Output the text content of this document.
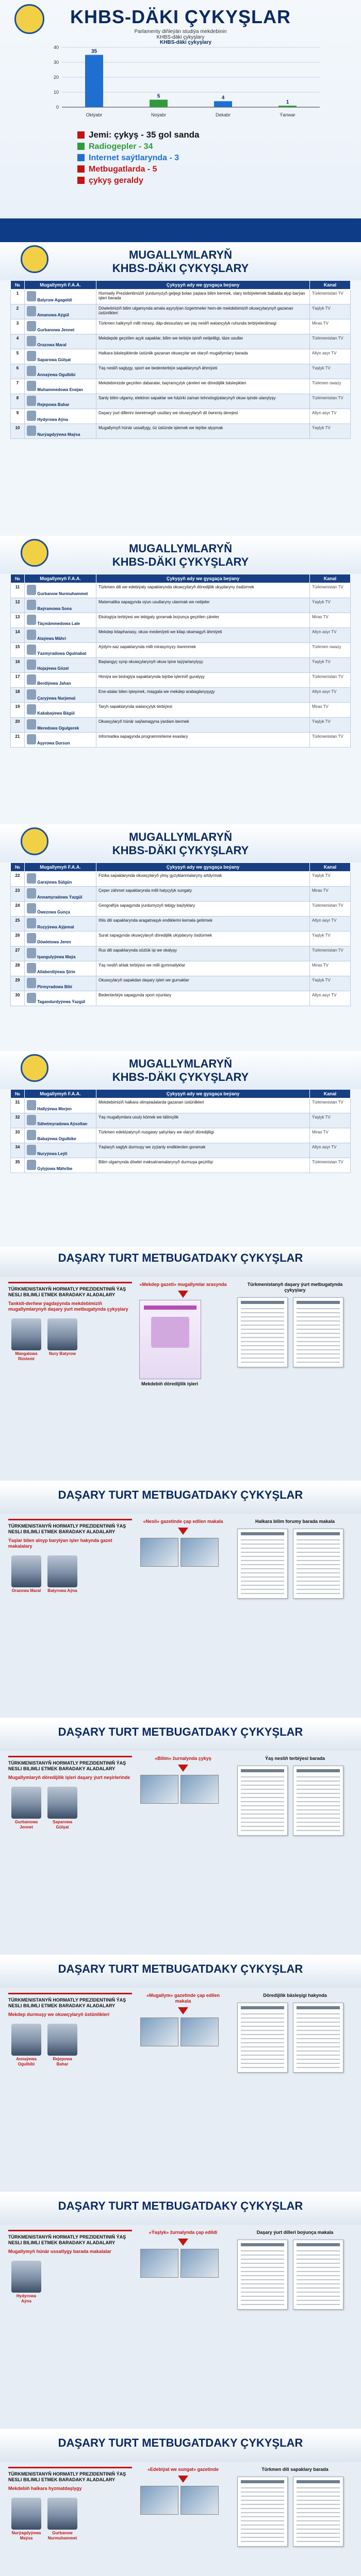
KHBS-DÄKI ÇYKYŞLAR
Parlamenty diňleýän studiýa mekdebinin
KHBS-däki çykyşlary
0
10
20
30
40
35
Oktýabr
5
Noýabr
4
Dekabr
1
Ýanwar
KHBS-däki çykyşlary
Jemi: çykyş - 35 gol sanda
Radiogepler - 34
Internet saýtlarynda - 3
Metbugatlarda - 5
çykyş geraldy
MUGALLYMLARYŇ
KHBS-DÄKI ÇYKYŞLARY
№	Mugallymyň F.A.A.	Çykyşyň ady we gysgaça beýany	Kanal
1	Batyrow Agageldi	Hormatly Prezidentimiziň ýurdumyzyň geljegi bolan ýaşlara bilim bermek, olary terbiýelemek babatda alyp barýan işleri barada	Türkmenistan TV
2	Amanowa Aýgül	Döwletimiziň bilim ulgamynda amala aşyrylýan özgertmeler hem-de mekdebimiziň okuwçylarynyň gazanan üstünlikleri	Ýaşlyk TV
3	Gurbanowa Jennet	Türkmen halkynyň milli mirasy, däp-dessurlary we ýaş nesliň watançylyk ruhunda terbiýelenilmegi	Miras TV
4	Orazowa Maral	Mekdepde geçirilen açyk sapaklar, bilim we terbiýe işiniň netijeliligi, täze usullar	Türkmenistan TV
5	Saparowa Gülşat	Halkara bäsleşiklerde üstünlik gazanan okuwçylar we olaryň mugallymlary barada	Altyn asyr TV
6	Annaýewa Ogulbibi	Ýaş nesliň saglygy, sport we bedenterbiýe sapaklarynyň ähmiýeti	Ýaşlyk TV
7	Muhammedowa Enejan	Mekdebimizde geçirilen dabaralar, baýramçylyk çäreleri we döredijilik bäsleşikleri	Türkmen owazy
8	Rejepowa Bahar	Sanly bilim ulgamy, elektron sapaklar we häzirki zaman tehnologiýalarynyň okuw işinde ulanylyşy	Türkmenistan TV
9	Hydyrowa Aýna	Daşary ýurt dillerini öwretmegiň usullary we okuwçylaryň dil öwreniş derejesi	Altyn asyr TV
10	Nurýagdyýewa Maýsa	Mugallymyň hünär ussatlygy, öz üstünde işlemek we tejribe alyşmak	Ýaşlyk TV
MUGALLYMLARYŇ
KHBS-DÄKI ÇYKYŞLARY
№	Mugallymyň F.A.A.	Çykyşyň ady we gysgaça beýany	Kanal
11	Gurbanow Nurmuhammet	Türkmen dili we edebiýaty sapaklarynda okuwçylaryň döredijilik ukyplaryny ösdürmek	Türkmenistan TV
12	Baýramowa Sona	Matematika sapagynda oýun usullaryny ulanmak we netijeler	Ýaşlyk TV
13	Täçmämmedowa Lale	Ekologiýa terbiýesi we tebigaty goramak boýunça geçirilen çäreler	Miras TV
14	Ataýewa Mähri	Mekdep kitaphanasy, okuw medeniýeti we kitap okamagyň ähmiýeti	Altyn asyr TV
15	Ýazmyradowa Ogulnabat	Aýdym-saz sapaklarynda milli mirasymyzy öwrenmek	Türkmen owazy
16	Hojaýewa Gözel	Başlangyç synp okuwçylarynyň okuw işine taýýarlanylyşy	Ýaşlyk TV
17	Berdiýewa Jahan	Himiýa we biologiýa sapaklarynda tejribe işleriniň guralyşy	Türkmenistan TV
18	Çaryýewa Nurjemal	Ene-atalar bilen işleşmek, maşgala we mekdep arabaglanyşygy	Altyn asyr TV
19	Kakabaýewa Bägül	Taryh sapaklarynda watançylyk terbiýesi	Miras TV
20	Meredowa Ogulgerek	Okuwçylaryň hünär saýlamagyna ýardam bermek	Ýaşlyk TV
21	Aşyrowa Dursun	Informatika sapagynda programmirleme esaslary	Türkmenistan TV
MUGALLYMLARYŇ
KHBS-DÄKI ÇYKYŞLARY
№	Mugallymyň F.A.A.	Çykyşyň ady we gysgaça beýany	Kanal
22	Garaýewa Sülgün	Fizika sapaklarynda okuwçylaryň ylmy gyzyklanmalaryny artdyrmak	Ýaşlyk TV
23	Annamyradowa Ýazgül	Çeper zähmet sapaklarynda milli halyçylyk sungaty	Miras TV
24	Öwezowa Gunça	Geografiýa sapagynda ýurdumyzyň tebigy baýlyklary	Türkmenistan TV
25	Rozyýewa Aýjemal	Iňlis dili sapaklarynda aragatnaşyk endiklerini kemala getirmek	Altyn asyr TV
26	Döwletowa Jeren	Surat sapagynda okuwçylaryň döredijilik ukyplaryny ösdürmek	Ýaşlyk TV
27	Işangulyýewa Maýa	Rus dili sapaklarynda sözlük işi we okalyşy	Türkmenistan TV
28	Allaberdiýewa Şirin	Ýaş nesliň ahlak terbiýesi we milli gymmatlyklar	Miras TV
29	Pirmyradowa Bibi	Okuwçylaryň sapakdan daşary işleri we gurnaklar	Ýaşlyk TV
30	Tagandurdyýewa Ýazgül	Bedenterbiýe sapagynda sport oýunlary	Altyn asyr TV
MUGALLYMLARYŇ
KHBS-DÄKI ÇYKYŞLARY
№	Mugallymyň F.A.A.	Çykyşyň ady we gysgaça beýany	Kanal
31	Hallyýewa Merjen	Mekdebimiziň halkara olimpiadalarda gazanan üstünlikleri	Türkmenistan TV
32	Sähetmyradowa Aýsoltan	Ýaş mugallymlara usuly kömek we tälimçilik	Ýaşlyk TV
33	Babaýewa Ogulbike	Türkmen edebiýatynyň nusgawy şahyrlary we olaryň döredijiligi	Miras TV
34	Nuryýewa Leýli	Ýaşlaryň saglyk durmuşy we zyýanly endiklerden goramak	Altyn asyr TV
35	Gylyjowa Mähribe	Bilim ulgamynda döwlet maksatnamalarynyň durmuşa geçirilişi	Türkmenistan TV
DAŞARY TURT METBUGATDAKY ÇYKYŞLAR
TÜRKMENISTANYŇ HORMATLY PREZIDENTINIŇ ÝAŞ NESLI BILIMLI ETMEK BARADAKY ALADALARY
Tankidi-derňew ýagdaýynda mekdebimiziň mugallymlarynyň daşary ýurt metbugatynda çykyşlary
Mangalowa Rüstemi
Nury Batyrow
«Mekdep gazeti» mugallymlar arasynda
Mekdebiň döredijilik işleri
Türkmenistanyň daşary ýurt metbugatynda çykyşlary
DAŞARY TURT METBUGATDAKY ÇYKYŞLAR
TÜRKMENISTANYŇ HORMATLY PREZIDENTINIŇ ÝAŞ NESLI BILIMLI ETMEK BARADAKY ALADALARY
Ýaşlar bilen alnyp barylýan işler hakynda gazet makalalary
Orazowa Maral Batyrowa Aýna
«Nesil» gazetinde çap edilen makala	Halkara bilim forumy barada makala
DAŞARY TURT METBUGATDAKY ÇYKYŞLAR
TÜRKMENISTANYŇ HORMATLY PREZIDENTINIŇ ÝAŞ NESLI BILIMLI ETMEK BARADAKY ALADALARY
Mugallymlaryň döredijilik işleri daşary ýurt neşirlerinde
Gurbanowa Jennet
Saparowa Gülşat
«Bilim» žurnalynda çykyş	Ýaş nesliň terbiýesi barada
DAŞARY TURT METBUGATDAKY ÇYKYŞLAR
TÜRKMENISTANYŇ HORMATLY PREZIDENTINIŇ ÝAŞ NESLI BILIMLI ETMEK BARADAKY ALADALARY
Mekdep durmuşy we okuwçylaryň üstünlikleri
Annaýewa Ogulbibi
Rejepowa Bahar
«Mugallym» gazetinde çap edilen makala
Döredijilik bäsleşigi hakynda
DAŞARY TURT METBUGATDAKY ÇYKYŞLAR
TÜRKMENISTANYŇ HORMATLY PREZIDENTINIŇ ÝAŞ NESLI BILIMLI ETMEK BARADAKY ALADALARY
Mugallymyň hünär ussatlygy barada makalalar
Hydyrowa Aýna
«Ýaşlyk» žurnalynda çap edildi	Daşary ýurt dilleri boýunça makala
DAŞARY TURT METBUGATDAKY ÇYKYŞLAR
TÜRKMENISTANYŇ HORMATLY PREZIDENTINIŇ ÝAŞ NESLI BILIMLI ETMEK BARADAKY ALADALARY
Mekdebiň halkara hyzmatdaşlygy
Nurýagdyýewa Maýsa
Gurbanow Nurmuhammet
«Edebiýat we sungat» gazetinde	Türkmen dili sapaklary barada
